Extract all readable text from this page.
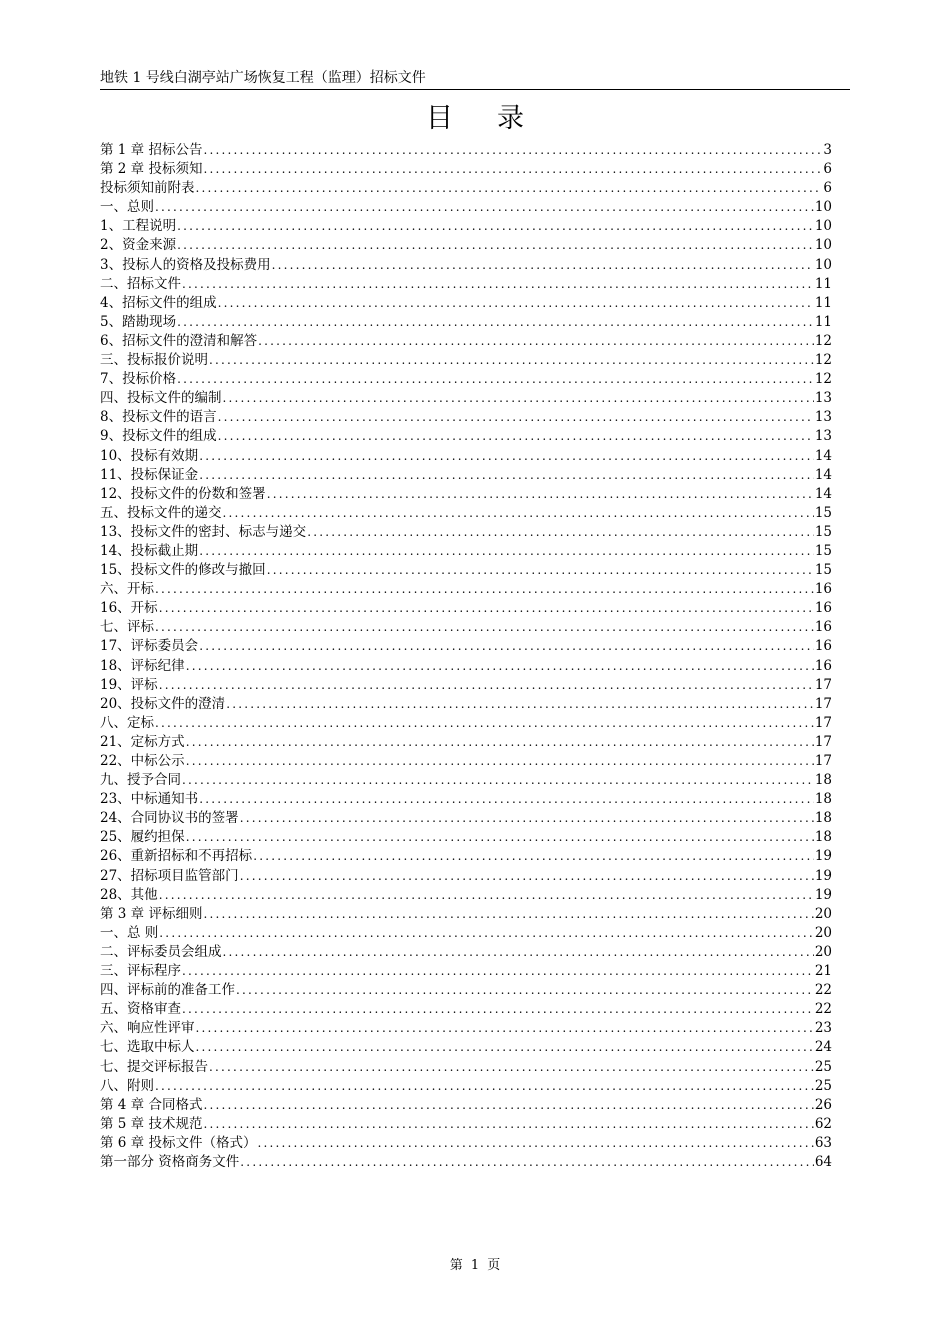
地铁 1 号线白湖亭站广场恢复工程（监理）招标文件
目录
第 1 章 招标公告 .....	3
第 2 章 投标须知 .....	6
投标须知前附表 .....	6
一、总则 .....	10
1、工程说明 .....	10
2、资金来源 .....	10
3、投标人的资格及投标费用 .....	10
二、招标文件 .....	11
4、招标文件的组成 .....	11
5、踏勘现场 .....	11
6、招标文件的澄清和解答 .....	12
三、投标报价说明 .....	12
7、投标价格 .....	12
四、投标文件的编制 .....	13
8、投标文件的语言 .....	13
9、投标文件的组成 .....	13
10、投标有效期 .....	14
11、投标保证金 .....	14
12、投标文件的份数和签署 .....	14
五、投标文件的递交 .....	15
13、投标文件的密封、标志与递交 .....	15
14、投标截止期 .....	15
15、投标文件的修改与撤回 .....	15
六、开标 .....	16
16、开标 .....	16
七、评标 .....	16
17、评标委员会 .....	16
18、评标纪律 .....	16
19、评标 .....	17
20、投标文件的澄清 .....	17
八、定标 .....	17
21、定标方式 .....	17
22、中标公示 .....	17
九、授予合同 .....	18
23、中标通知书 .....	18
24、合同协议书的签署 .....	18
25、履约担保 .....	18
26、重新招标和不再招标 .....	19
27、招标项目监管部门 .....	19
28、其他 .....	19
第 3 章 评标细则 .....	20
一、总 则 .....	20
二、评标委员会组成 .....	20
三、评标程序 .....	21
四、评标前的准备工作 .....	22
五、资格审查 .....	22
六、响应性评审 .....	23
七、选取中标人 .....	24
七、提交评标报告 .....	25
八、附则 .....	25
第 4 章 合同格式 .....	26
第 5 章 技术规范 .....	62
第 6 章 投标文件（格式） .....	63
第一部分 资格商务文件 .....	64
第 1 页
